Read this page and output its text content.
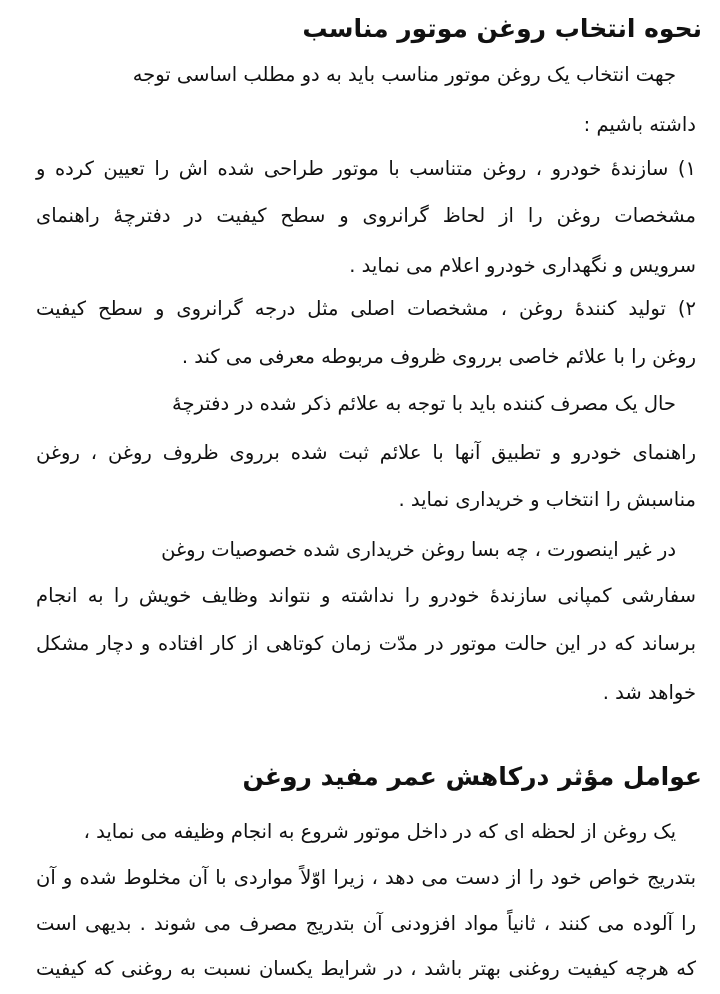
نحوه انتخاب روغن موتور مناسب
جهت انتخاب یک روغن موتور مناسب باید به دو مطلب اساسی توجه
داشته باشیم :
۱) سازندۀ خودرو ، روغن متناسب با موتور طراحی شده اش را تعیین کرده و
مشخصات روغن را از لحاظ گرانروی و سطح کیفیت در دفترچۀ راهنمای
سرویس و نگهداری خودرو اعلام می نماید .
۲) تولید کنندۀ روغن ، مشخصات اصلی مثل درجه گرانروی و سطح کیفیت
روغن را با علائم خاصی برروی ظروف مربوطه معرفی می کند .
حال یک مصرف کننده باید با توجه به علائم ذکر شده در دفترچۀ
راهنمای خودرو و تطبیق آنها با علائم ثبت شده برروی ظروف روغن ، روغن
مناسبش را انتخاب و خریداری نماید .
در غیر اینصورت ، چه بسا روغن خریداری شده خصوصیات روغن
سفارشی کمپانی سازندۀ خودرو را نداشته و نتواند وظایف خویش را به انجام
برساند که در این حالت موتور در مدّت زمان کوتاهی از کار افتاده و دچار مشکل
خواهد شد .
عوامل مؤثر درکاهش عمر مفید روغن
یک روغن از لحظه ای که در داخل موتور شروع به انجام وظیفه می نماید ،
بتدریج خواص خود را از دست می دهد ، زیرا اوّلاً مواردی با آن مخلوط شده و آن
را آلوده می کنند ، ثانیاً مواد افزودنی آن بتدریج مصرف می شوند . بدیهی است
که هرچه کیفیت روغنی بهتر باشد ، در شرایط یکسان نسبت به روغنی که کیفیت
